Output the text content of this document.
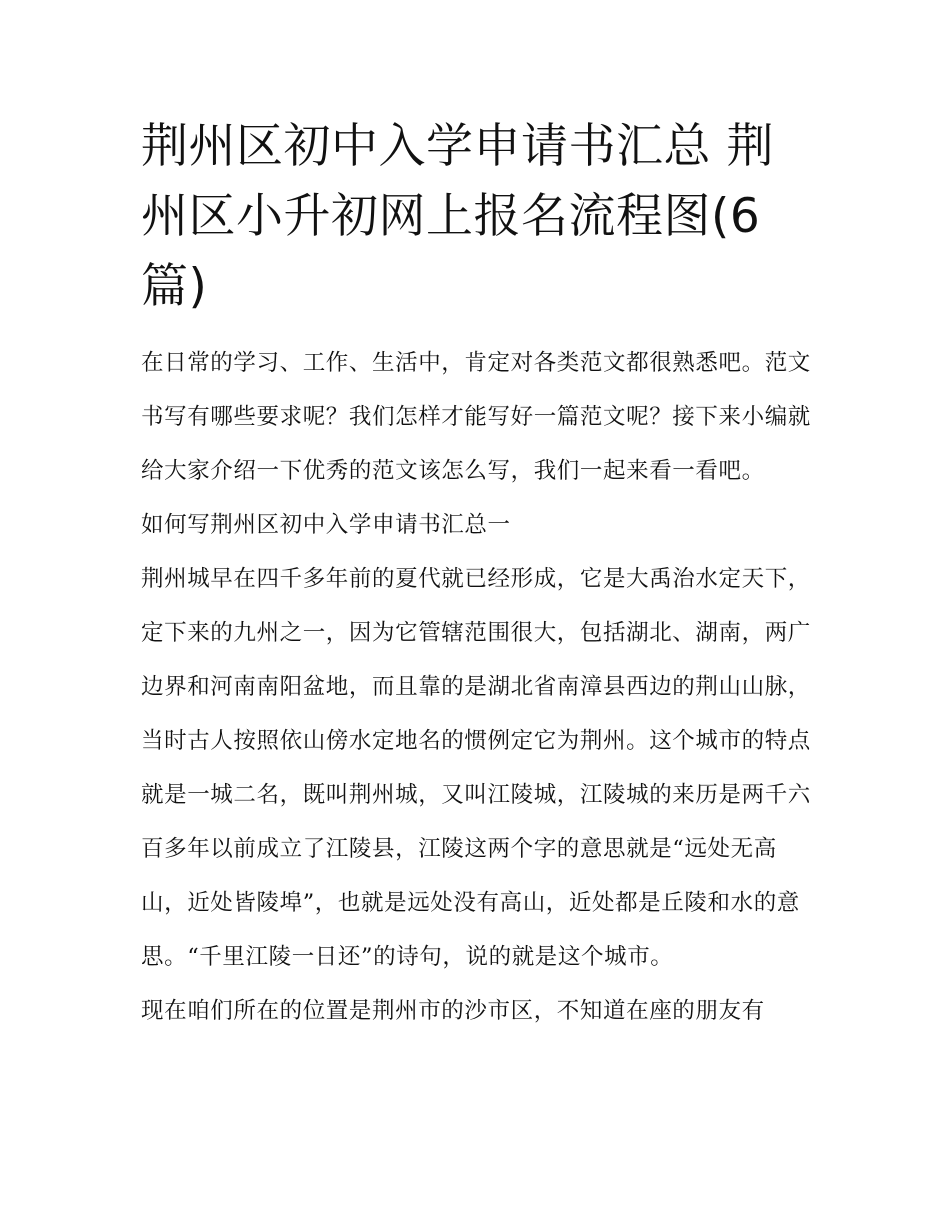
荆州区初中入学申请书汇总 荆州区小升初网上报名流程图(6篇)

在日常的学习、工作、生活中，肯定对各类范文都很熟悉吧。范文书写有哪些要求呢？我们怎样才能写好一篇范文呢？接下来小编就给大家介绍一下优秀的范文该怎么写，我们一起来看一看吧。

如何写荆州区初中入学申请书汇总一

荆州城早在四千多年前的夏代就已经形成，它是大禹治水定天下，定下来的九州之一，因为它管辖范围很大，包括湖北、湖南，两广边界和河南南阳盆地，而且靠的是湖北省南漳县西边的荆山山脉，当时古人按照依山傍水定地名的惯例定它为荆州。这个城市的特点就是一城二名，既叫荆州城，又叫江陵城，江陵城的来历是两千六百多年以前成立了江陵县，江陵这两个字的意思就是“远处无高山，近处皆陵埠”，也就是远处没有高山，近处都是丘陵和水的意思。“千里江陵一日还”的诗句，说的就是这个城市。

现在咱们所在的位置是荆州市的沙市区，不知道在座的朋友有
